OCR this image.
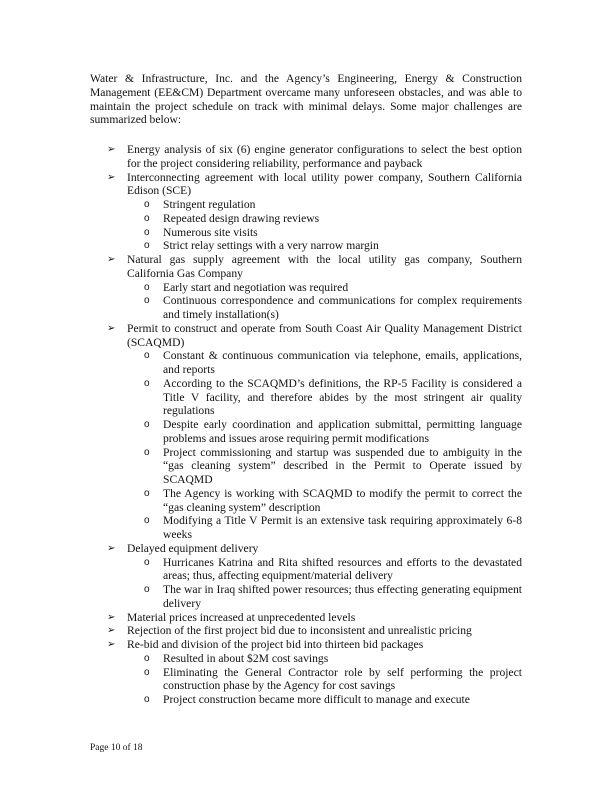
Water & Infrastructure, Inc. and the Agency’s Engineering, Energy & Construction Management (EE&CM) Department overcame many unforeseen obstacles, and was able to maintain the project schedule on track with minimal delays. Some major challenges are summarized below:

➢ Energy analysis of six (6) engine generator configurations to select the best option for the project considering reliability, performance and payback
➢ Interconnecting agreement with local utility power company, Southern California Edison (SCE)
o Stringent regulation
o Repeated design drawing reviews
o Numerous site visits
o Strict relay settings with a very narrow margin
➢ Natural gas supply agreement with the local utility gas company, Southern California Gas Company
o Early start and negotiation was required
o Continuous correspondence and communications for complex requirements and timely installation(s)
➢ Permit to construct and operate from South Coast Air Quality Management District (SCAQMD)
o Constant & continuous communication via telephone, emails, applications, and reports
o According to the SCAQMD’s definitions, the RP-5 Facility is considered a Title V facility, and therefore abides by the most stringent air quality regulations
o Despite early coordination and application submittal, permitting language problems and issues arose requiring permit modifications
o Project commissioning and startup was suspended due to ambiguity in the “gas cleaning system” described in the Permit to Operate issued by SCAQMD
o The Agency is working with SCAQMD to modify the permit to correct the “gas cleaning system” description
o Modifying a Title V Permit is an extensive task requiring approximately 6-8 weeks
➢ Delayed equipment delivery
o Hurricanes Katrina and Rita shifted resources and efforts to the devastated areas; thus, affecting equipment/material delivery
o The war in Iraq shifted power resources; thus effecting generating equipment delivery
➢ Material prices increased at unprecedented levels
➢ Rejection of the first project bid due to inconsistent and unrealistic pricing
➢ Re-bid and division of the project bid into thirteen bid packages
o Resulted in about $2M cost savings
o Eliminating the General Contractor role by self performing the project construction phase by the Agency for cost savings
o Project construction became more difficult to manage and execute
Page 10 of 18
